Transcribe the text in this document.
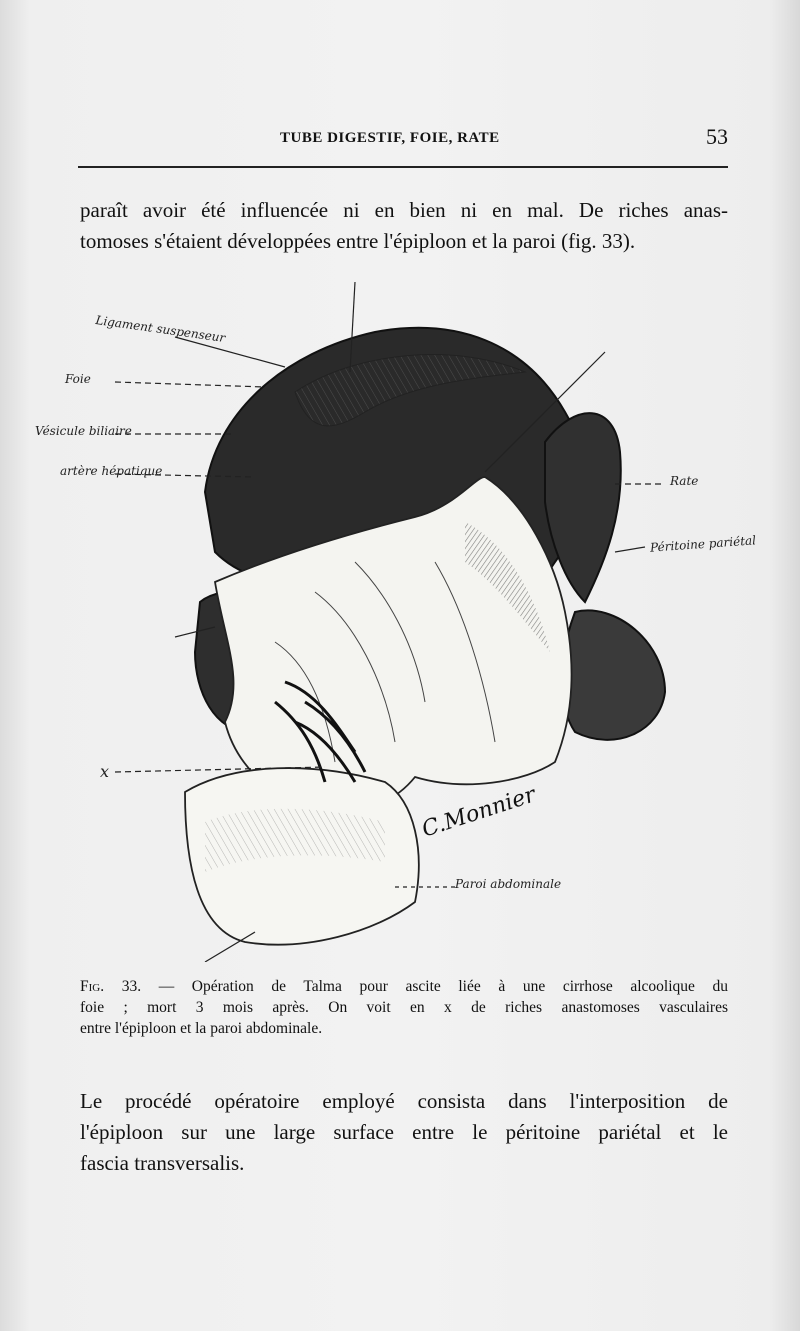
TUBE DIGESTIF, FOIE, RATE	53
paraît avoir été influencée ni en bien ni en mal. De riches anas-
tomoses s'étaient développées entre l'épiploon et la paroi (fig. 33).
Ligament suspenseur
Foie
Vésicule biliaire
artère hépatique
Rate
Péritoine pariétal
x
Paroi abdominale
C.Monnier
Fig. 33. — Opération de Talma pour ascite liée à une cirrhose alcoolique du
foie ; mort 3 mois après. On voit en x de riches anastomoses vasculaires
entre l'épiploon et la paroi abdominale.
Le procédé opératoire employé consista dans l'interposition de
l'épiploon sur une large surface entre le péritoine pariétal et le
fascia transversalis.
